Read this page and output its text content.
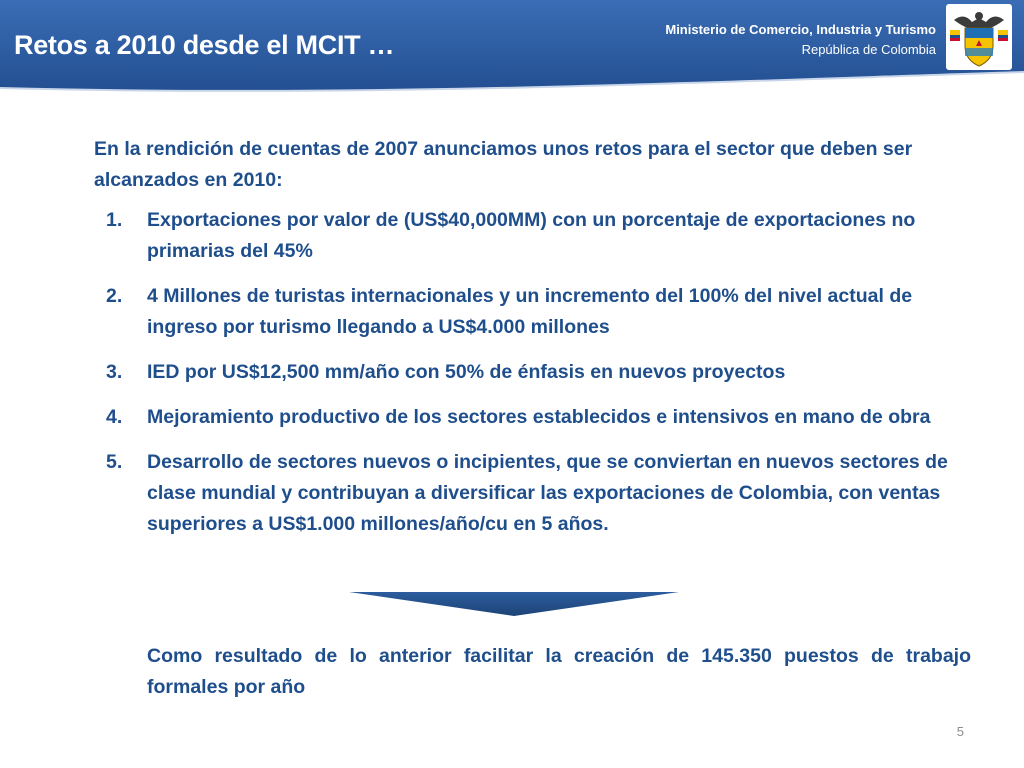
Retos a 2010 desde el MCIT …
Ministerio de Comercio, Industria y Turismo
República de Colombia

En la rendición de cuentas de 2007 anunciamos unos retos para el sector que deben ser alcanzados en 2010:

1. Exportaciones por valor de (US$40,000MM) con un porcentaje de exportaciones no primarias del 45%
2. 4 Millones de turistas internacionales y un incremento del 100% del nivel actual de ingreso por turismo llegando a US$4.000 millones
3. IED por US$12,500 mm/año con 50% de énfasis en nuevos proyectos
4. Mejoramiento productivo de los sectores establecidos e intensivos en mano de obra
5. Desarrollo de sectores nuevos o incipientes, que se conviertan en nuevos sectores de clase mundial y contribuyan a diversificar las exportaciones de Colombia, con ventas superiores a US$1.000 millones/año/cu en 5 años.
Como resultado de lo anterior facilitar la creación de 145.350 puestos de trabajo formales por año
5
